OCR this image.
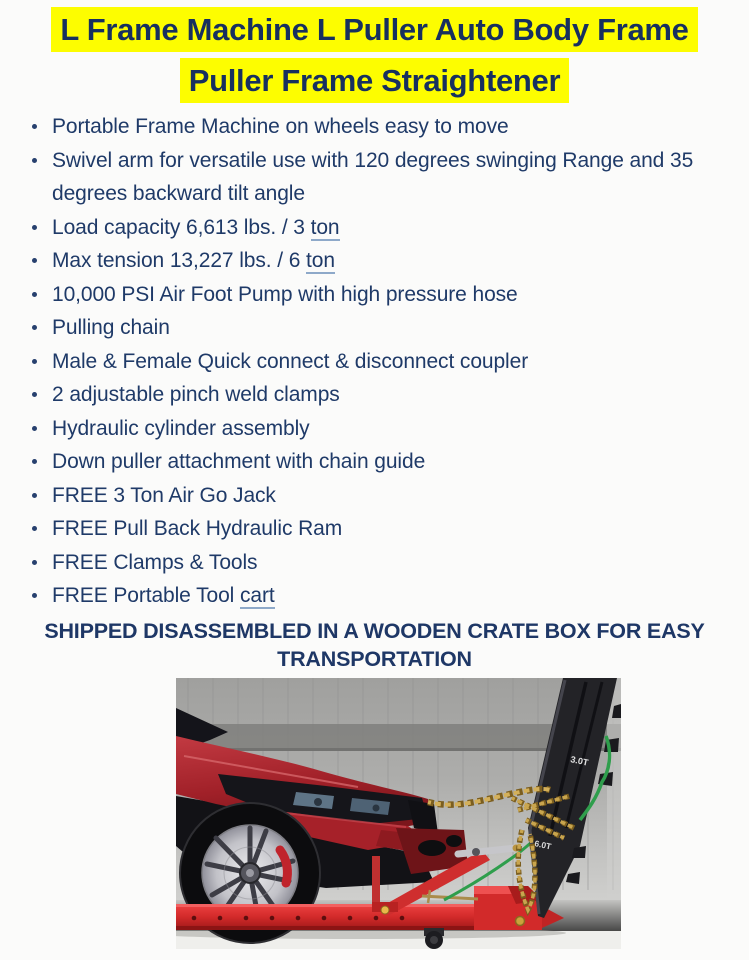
L Frame Machine L Puller Auto Body Frame
Puller Frame Straightener
Portable Frame Machine on wheels easy to move
Swivel arm for versatile use with 120 degrees swinging Range and 35 degrees backward tilt angle
Load capacity 6,613 lbs. / 3 ton
Max tension 13,227 lbs. / 6 ton
10,000 PSI Air Foot Pump with high pressure hose
Pulling chain
Male & Female Quick connect & disconnect coupler
2 adjustable pinch weld clamps
Hydraulic cylinder assembly
Down puller attachment with chain guide
FREE 3 Ton Air Go Jack
FREE Pull Back Hydraulic Ram
FREE Clamps & Tools
FREE Portable Tool cart
SHIPPED DISASSEMBLED IN A WOODEN CRATE BOX FOR EASY
TRANSPORTATION
3.0T
6.0T
